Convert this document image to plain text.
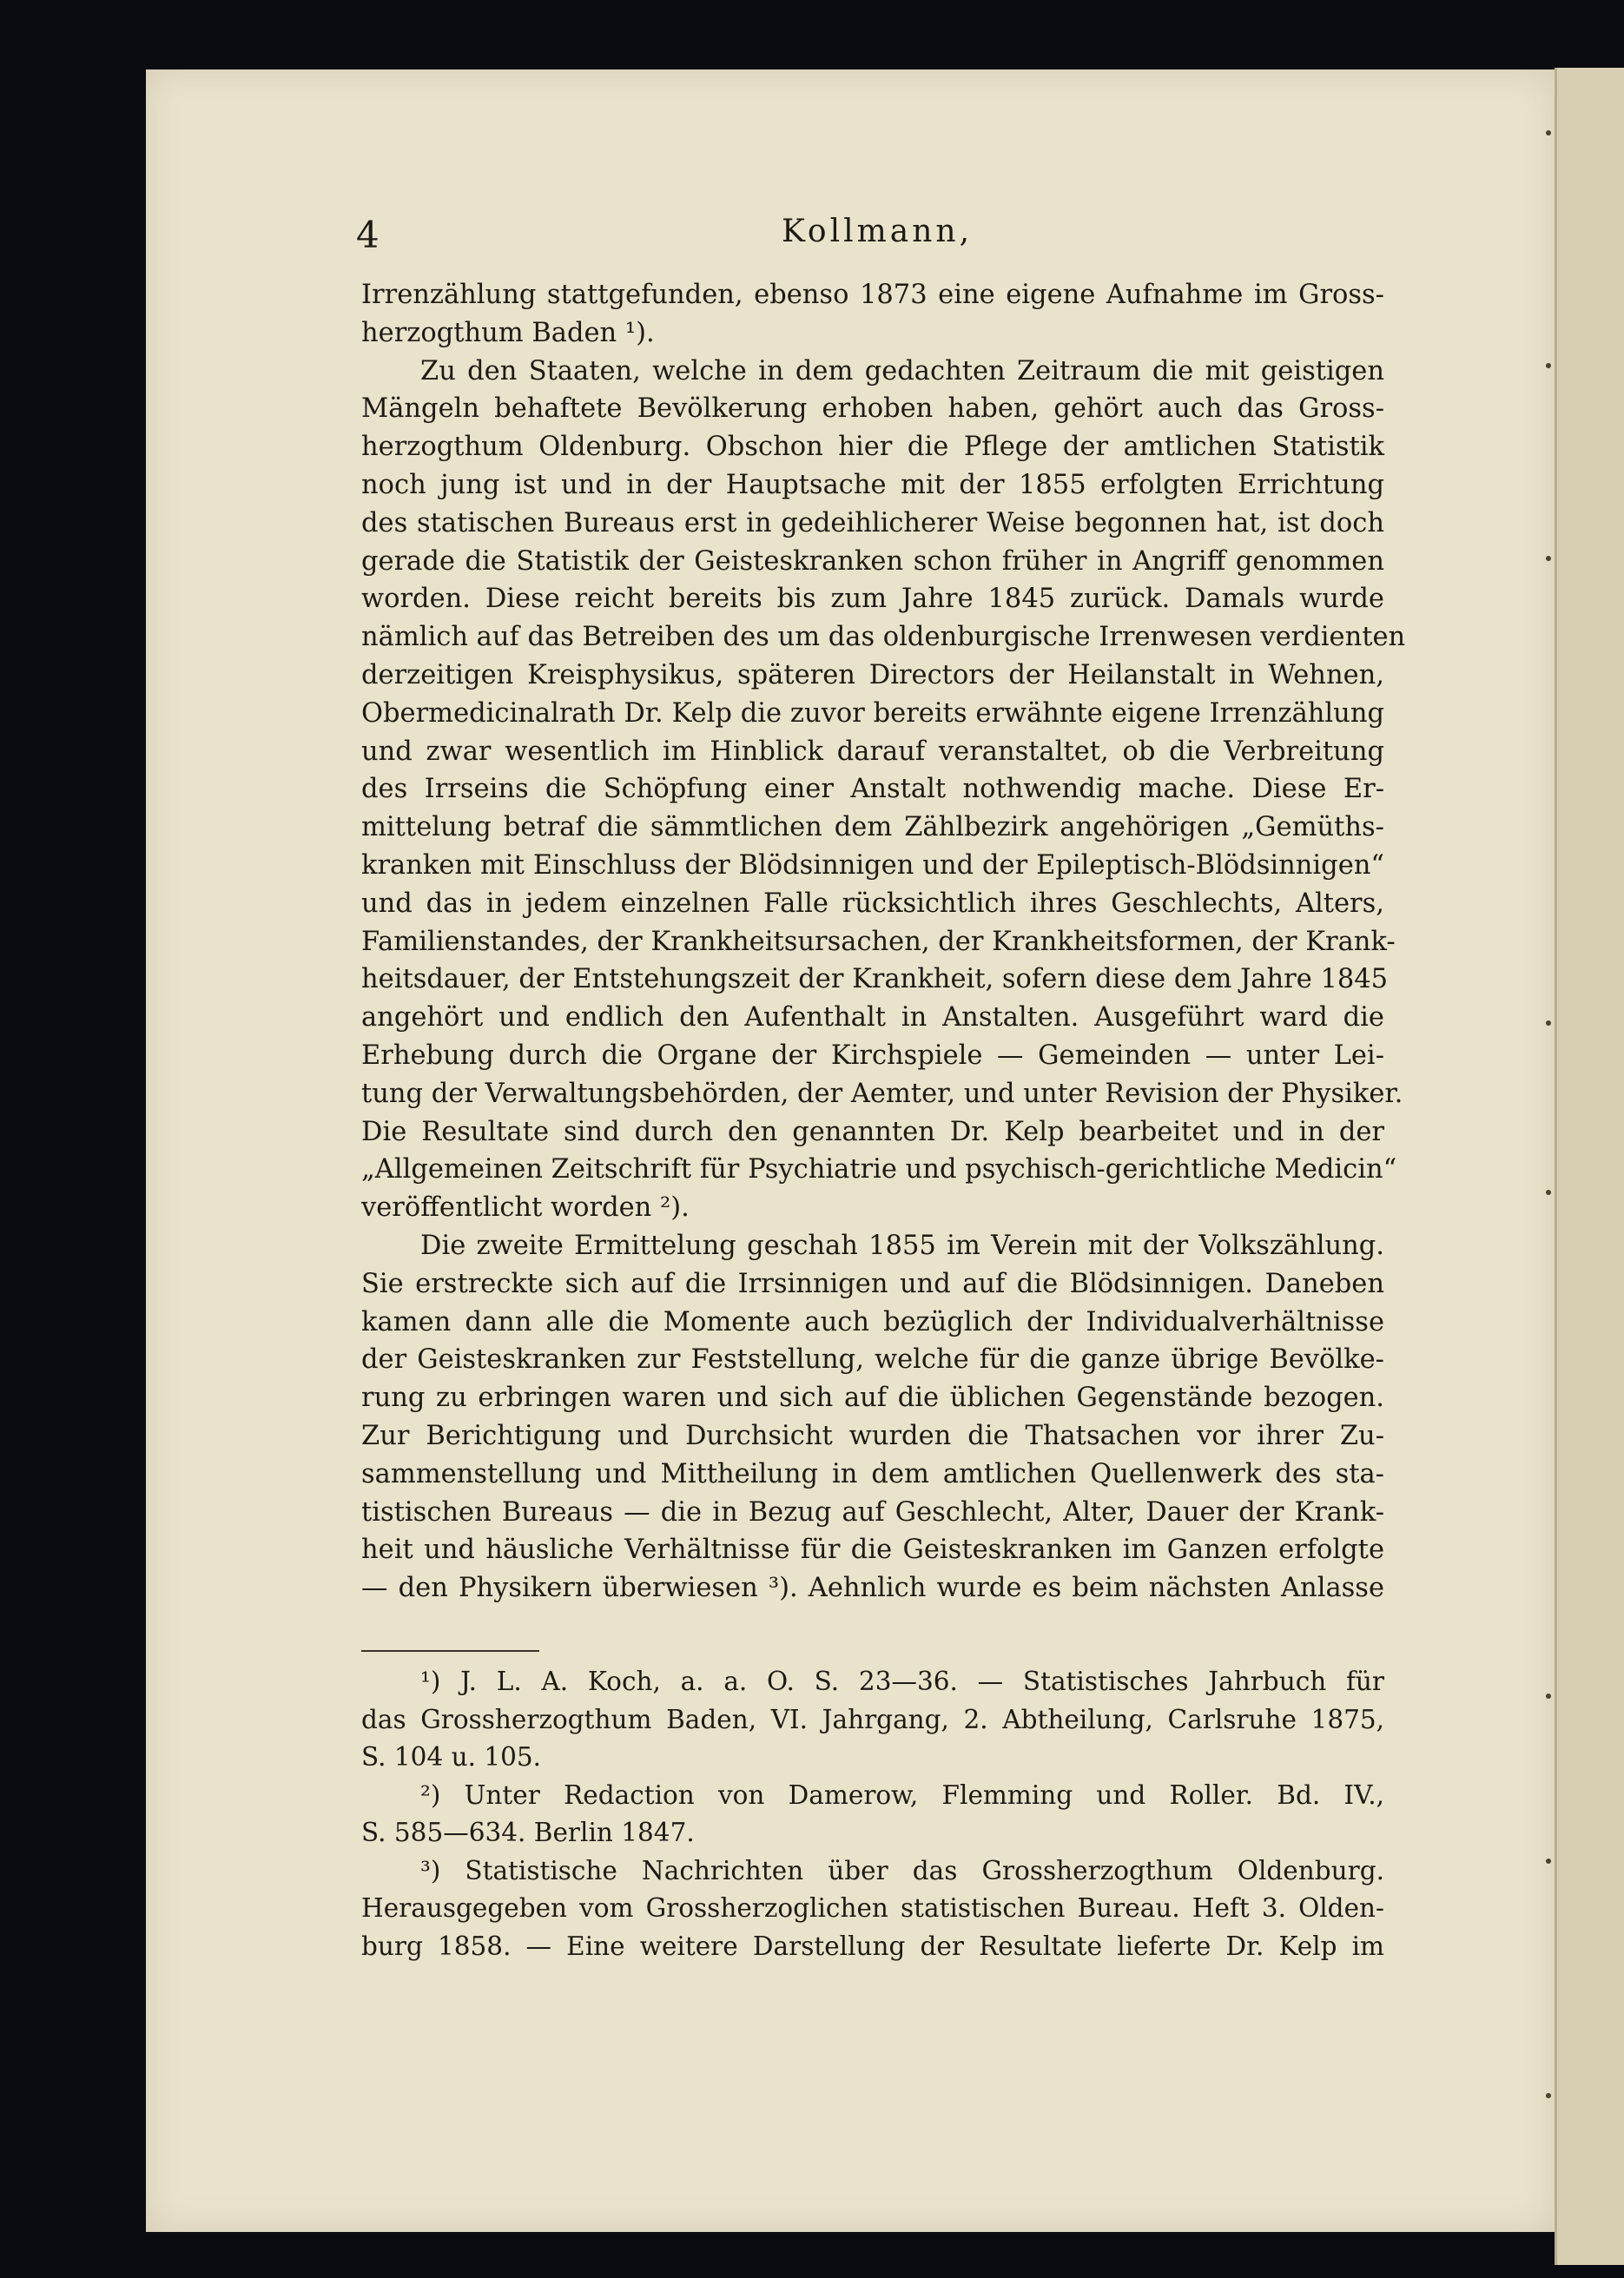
4	Kollmann,
Irrenzählung stattgefunden, ebenso 1873 eine eigene Aufnahme im Gross-
herzogthum Baden ¹).
Zu den Staaten, welche in dem gedachten Zeitraum die mit geistigen
Mängeln behaftete Bevölkerung erhoben haben, gehört auch das Gross-
herzogthum Oldenburg. Obschon hier die Pflege der amtlichen Statistik
noch jung ist und in der Hauptsache mit der 1855 erfolgten Errichtung
des statischen Bureaus erst in gedeihlicherer Weise begonnen hat, ist doch
gerade die Statistik der Geisteskranken schon früher in Angriff genommen
worden. Diese reicht bereits bis zum Jahre 1845 zurück. Damals wurde
nämlich auf das Betreiben des um das oldenburgische Irrenwesen verdienten
derzeitigen Kreisphysikus, späteren Directors der Heilanstalt in Wehnen,
Obermedicinalrath Dr. Kelp die zuvor bereits erwähnte eigene Irrenzählung
und zwar wesentlich im Hinblick darauf veranstaltet, ob die Verbreitung
des Irrseins die Schöpfung einer Anstalt nothwendig mache. Diese Er-
mittelung betraf die sämmtlichen dem Zählbezirk angehörigen „Gemüths-
kranken mit Einschluss der Blödsinnigen und der Epileptisch-Blödsinnigen“
und das in jedem einzelnen Falle rücksichtlich ihres Geschlechts, Alters,
Familienstandes, der Krankheitsursachen, der Krankheitsformen, der Krank-
heitsdauer, der Entstehungszeit der Krankheit, sofern diese dem Jahre 1845
angehört und endlich den Aufenthalt in Anstalten. Ausgeführt ward die
Erhebung durch die Organe der Kirchspiele — Gemeinden — unter Lei-
tung der Verwaltungsbehörden, der Aemter, und unter Revision der Physiker.
Die Resultate sind durch den genannten Dr. Kelp bearbeitet und in der
„Allgemeinen Zeitschrift für Psychiatrie und psychisch-gerichtliche Medicin“
veröffentlicht worden ²).
Die zweite Ermittelung geschah 1855 im Verein mit der Volkszählung.
Sie erstreckte sich auf die Irrsinnigen und auf die Blödsinnigen. Daneben
kamen dann alle die Momente auch bezüglich der Individualverhältnisse
der Geisteskranken zur Feststellung, welche für die ganze übrige Bevölke-
rung zu erbringen waren und sich auf die üblichen Gegenstände bezogen.
Zur Berichtigung und Durchsicht wurden die Thatsachen vor ihrer Zu-
sammenstellung und Mittheilung in dem amtlichen Quellenwerk des sta-
tistischen Bureaus — die in Bezug auf Geschlecht, Alter, Dauer der Krank-
heit und häusliche Verhältnisse für die Geisteskranken im Ganzen erfolgte
— den Physikern überwiesen ³). Aehnlich wurde es beim nächsten Anlasse
¹) J. L. A. Koch, a. a. O. S. 23—36. — Statistisches Jahrbuch für
das Grossherzogthum Baden, VI. Jahrgang, 2. Abtheilung, Carlsruhe 1875,
S. 104 u. 105.
²) Unter Redaction von Damerow, Flemming und Roller. Bd. IV.,
S. 585—634. Berlin 1847.
³) Statistische Nachrichten über das Grossherzogthum Oldenburg.
Herausgegeben vom Grossherzoglichen statistischen Bureau. Heft 3. Olden-
burg 1858. — Eine weitere Darstellung der Resultate lieferte Dr. Kelp im
